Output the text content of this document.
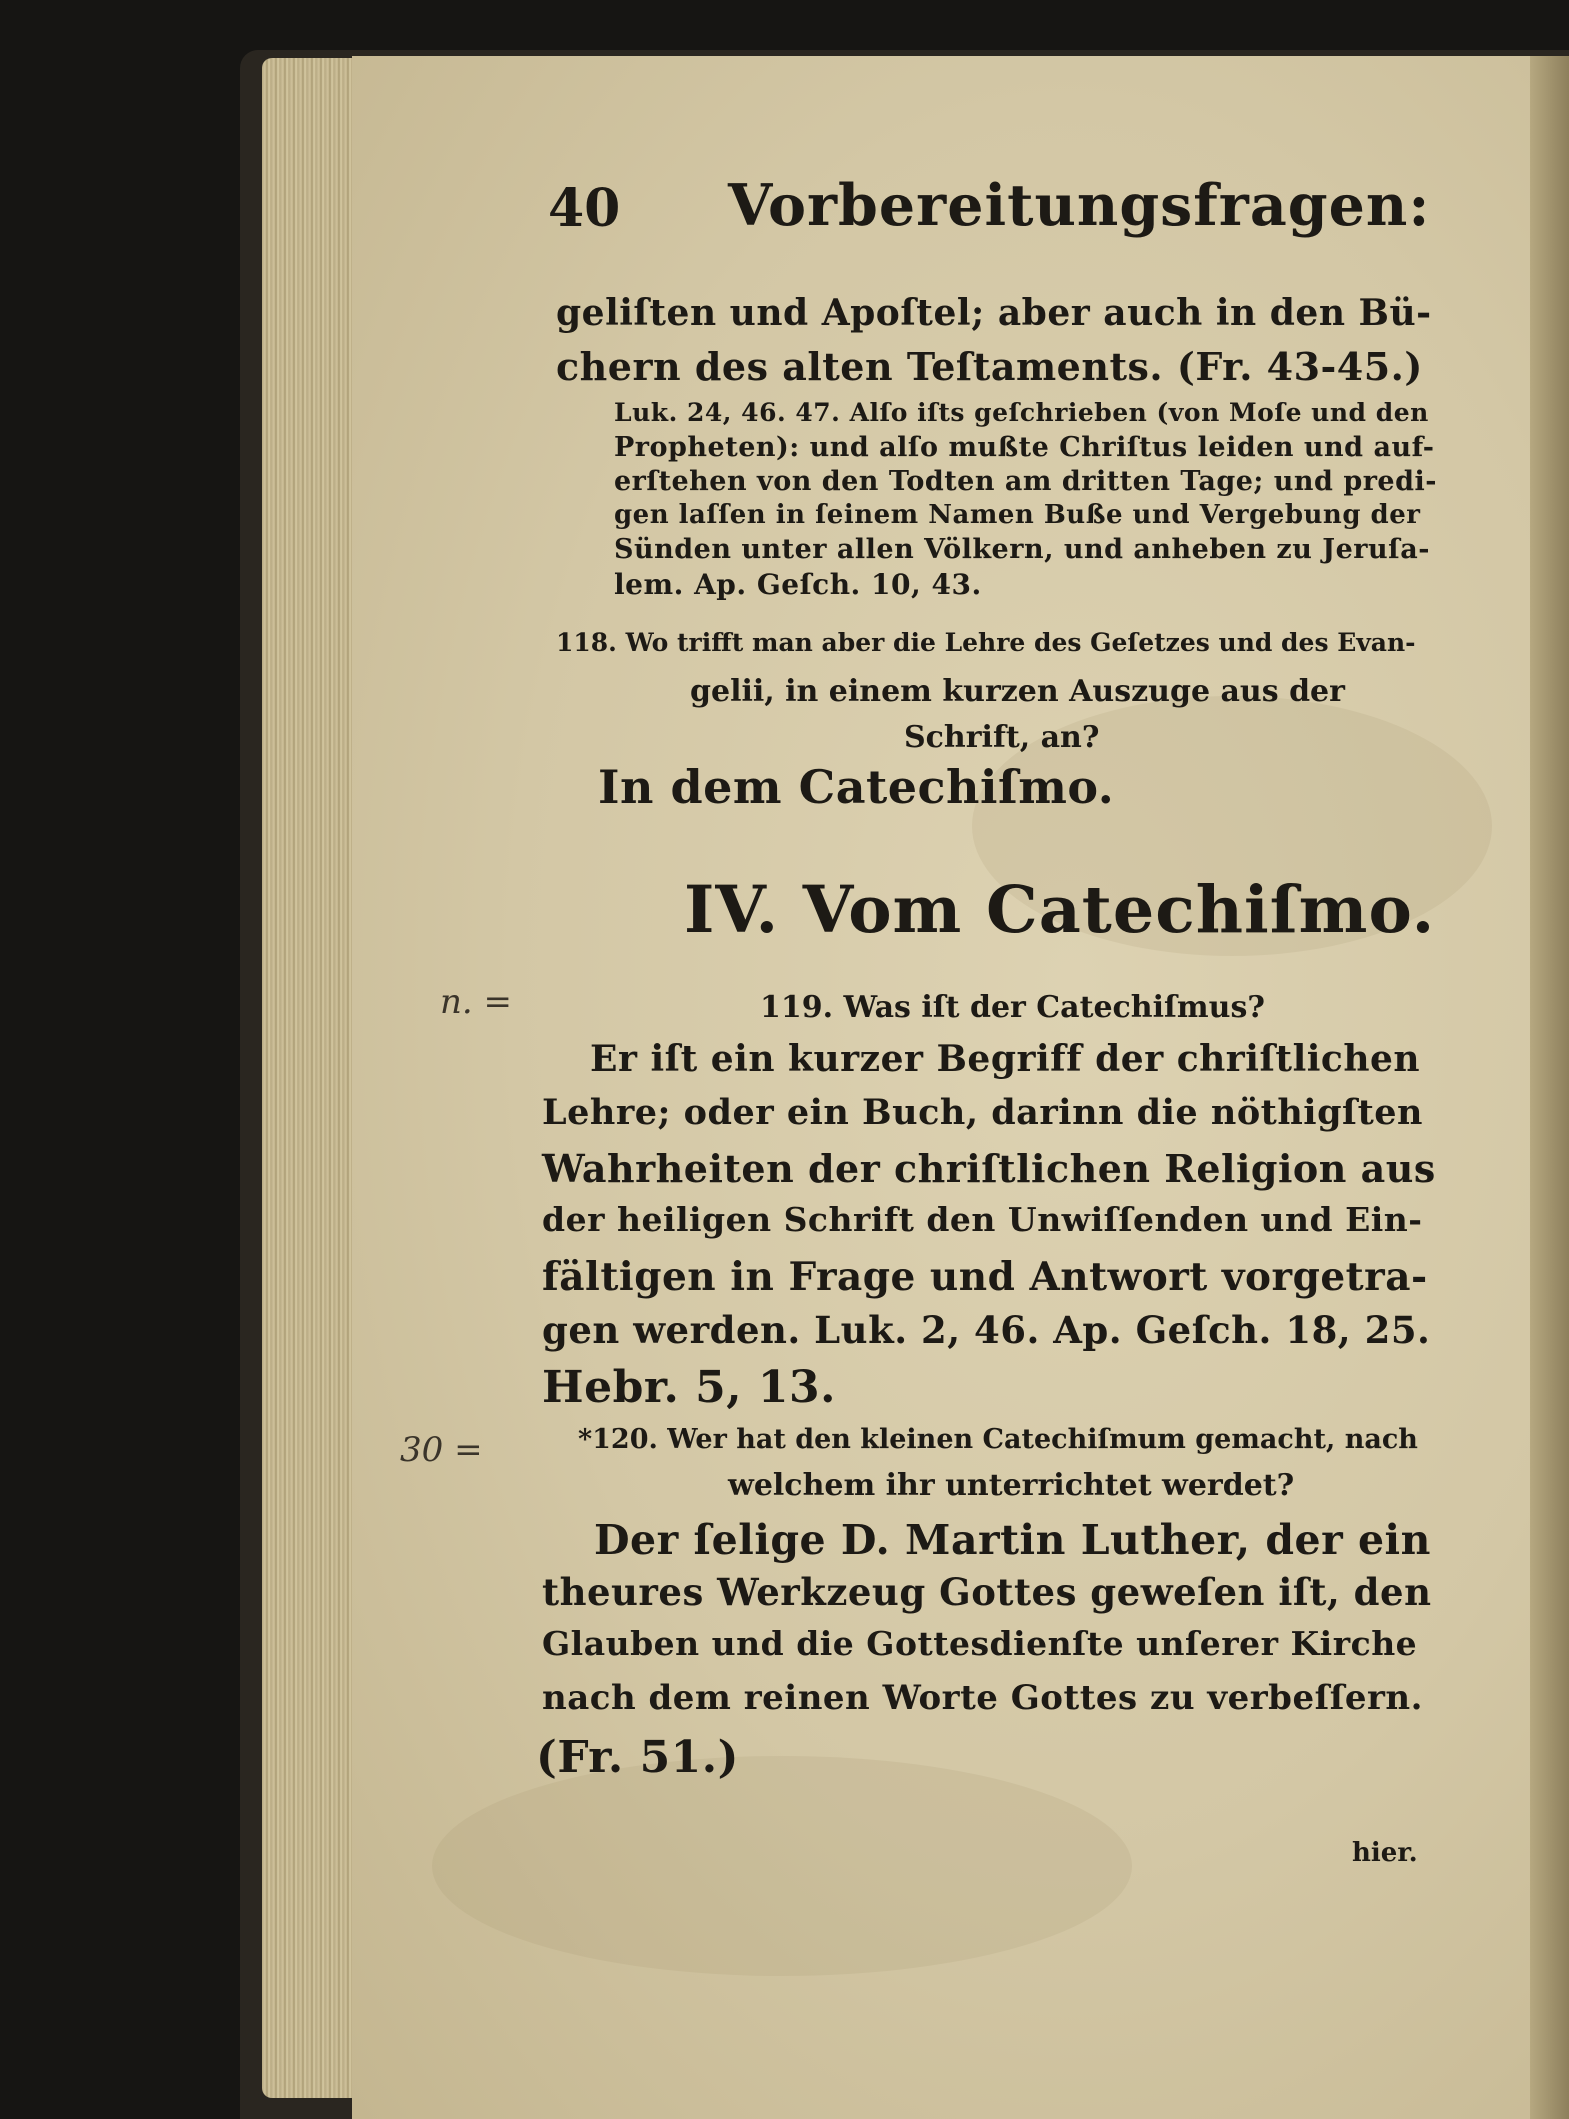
40 Vorbereitungsfragen:
geliſten und Apoſtel; aber auch in den Bü-
chern des alten Teſtaments. (Fr. 43-45.)
Luk. 24, 46. 47. Alſo iſts geſchrieben (von Moſe und den
Propheten): und alſo mußte Chriſtus leiden und auf-
erſtehen von den Todten am dritten Tage; und predi-
gen laſſen in ſeinem Namen Buße und Vergebung der
Sünden unter allen Völkern, und anheben zu Jeruſa-
lem. Ap. Geſch. 10, 43.
118. Wo trifft man aber die Lehre des Geſetzes und des Evan-
gelii, in einem kurzen Auszuge aus der
Schrift, an?
In dem Catechiſmo.
IV. Vom Catechiſmo.
n. =	119. Was iſt der Catechiſmus?
Er iſt ein kurzer Begriff der chriſtlichen
Lehre; oder ein Buch, darinn die nöthigſten
Wahrheiten der chriſtlichen Religion aus
der heiligen Schrift den Unwiſſenden und Ein-
fältigen in Frage und Antwort vorgetra-
gen werden. Luk. 2, 46. Ap. Geſch. 18, 25.
Hebr. 5, 13.
30 =	*120. Wer hat den kleinen Catechiſmum gemacht, nach
welchem ihr unterrichtet werdet?
Der ſelige D. Martin Luther, der ein
theures Werkzeug Gottes geweſen iſt, den
Glauben und die Gottesdienſte unſerer Kirche
nach dem reinen Worte Gottes zu verbeſſern.
(Fr. 51.)
hier.
